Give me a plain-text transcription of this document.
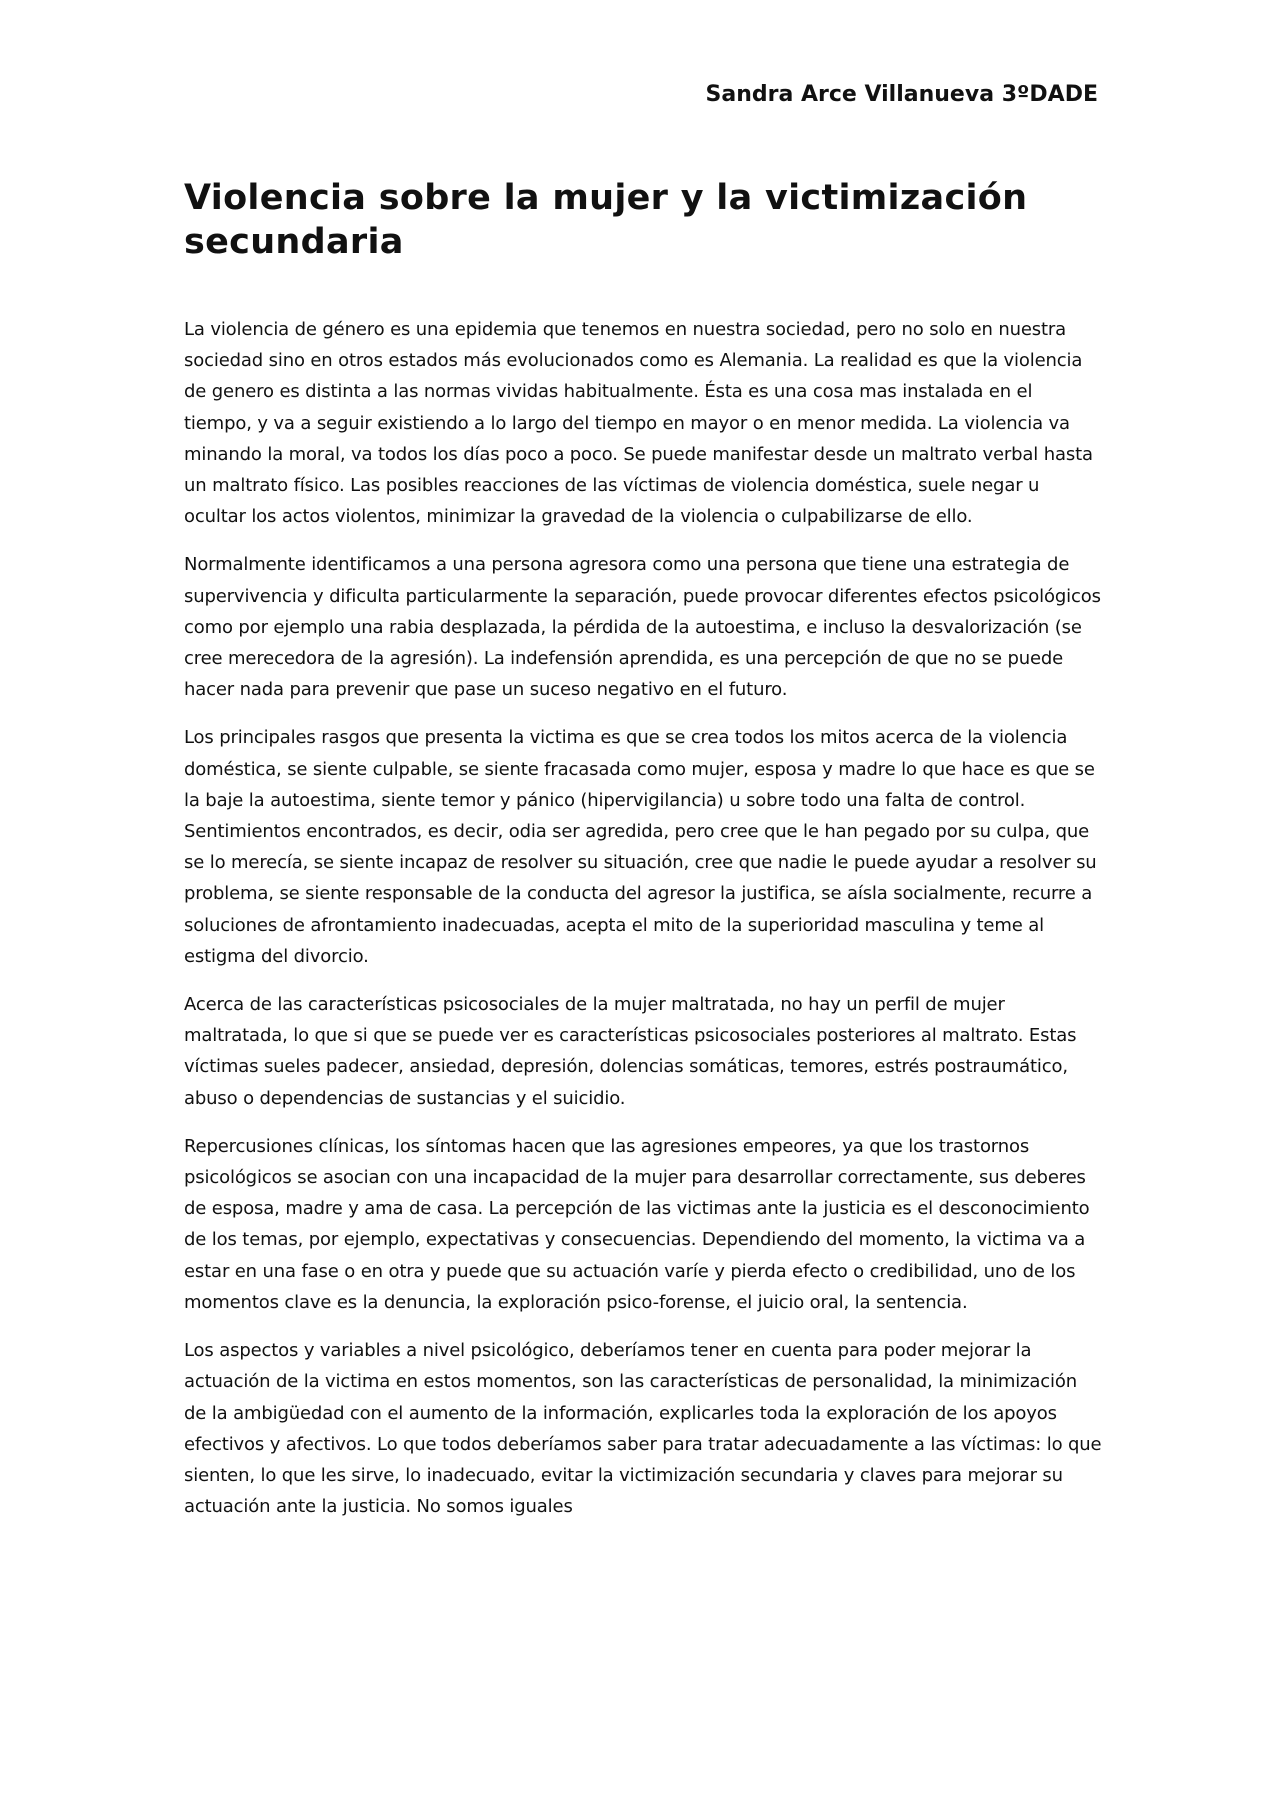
Sandra Arce Villanueva 3ºDADE

Violencia sobre la mujer y la victimización secundaria

La violencia de género es una epidemia que tenemos en nuestra sociedad, pero no solo en nuestra sociedad sino en otros estados más evolucionados como es Alemania. La realidad es que la violencia de genero es distinta a las normas vividas habitualmente. Ésta es una cosa mas instalada en el tiempo, y va a seguir existiendo a lo largo del tiempo en mayor o en menor medida. La violencia va minando la moral, va todos los días poco a poco. Se puede manifestar desde un maltrato verbal hasta un maltrato físico. Las posibles reacciones de las víctimas de violencia doméstica, suele negar u ocultar los actos violentos, minimizar la gravedad de la violencia o culpabilizarse de ello.

Normalmente identificamos a una persona agresora como una persona que tiene una estrategia de supervivencia y dificulta particularmente la separación, puede provocar diferentes efectos psicológicos como por ejemplo una rabia desplazada, la pérdida de la autoestima, e incluso la desvalorización (se cree merecedora de la agresión). La indefensión aprendida, es una percepción de que no se puede hacer nada para prevenir que pase un suceso negativo en el futuro.

Los principales rasgos que presenta la victima es que se crea todos los mitos acerca de la violencia doméstica, se siente culpable, se siente fracasada como mujer, esposa y madre lo que hace es que se la baje la autoestima, siente temor y pánico (hipervigilancia) u sobre todo una falta de control. Sentimientos encontrados, es decir, odia ser agredida, pero cree que le han pegado por su culpa, que se lo merecía, se siente incapaz de resolver su situación, cree que nadie le puede ayudar a resolver su problema, se siente responsable de la conducta del agresor la justifica, se aísla socialmente, recurre a soluciones de afrontamiento inadecuadas, acepta el mito de la superioridad masculina y teme al estigma del divorcio.

Acerca de las características psicosociales de la mujer maltratada, no hay un perfil de mujer maltratada, lo que si que se puede ver es características psicosociales posteriores al maltrato. Estas víctimas sueles padecer, ansiedad, depresión, dolencias somáticas, temores, estrés postraumático, abuso o dependencias de sustancias y el suicidio.

Repercusiones clínicas, los síntomas hacen que las agresiones empeores, ya que los trastornos psicológicos se asocian con una incapacidad de la mujer para desarrollar correctamente, sus deberes de esposa, madre y ama de casa. La percepción de las victimas ante la justicia es el desconocimiento de los temas, por ejemplo, expectativas y consecuencias. Dependiendo del momento, la victima va a estar en una fase o en otra y puede que su actuación varíe y pierda efecto o credibilidad, uno de los momentos clave es la denuncia, la exploración psico-forense, el juicio oral, la sentencia.

Los aspectos y variables a nivel psicológico, deberíamos tener en cuenta para poder mejorar la actuación de la victima en estos momentos, son las características de personalidad, la minimización de la ambigüedad con el aumento de la información, explicarles toda la exploración de los apoyos efectivos y afectivos. Lo que todos deberíamos saber para tratar adecuadamente a las víctimas: lo que sienten, lo que les sirve, lo inadecuado, evitar la victimización secundaria y claves para mejorar su actuación ante la justicia. No somos iguales
